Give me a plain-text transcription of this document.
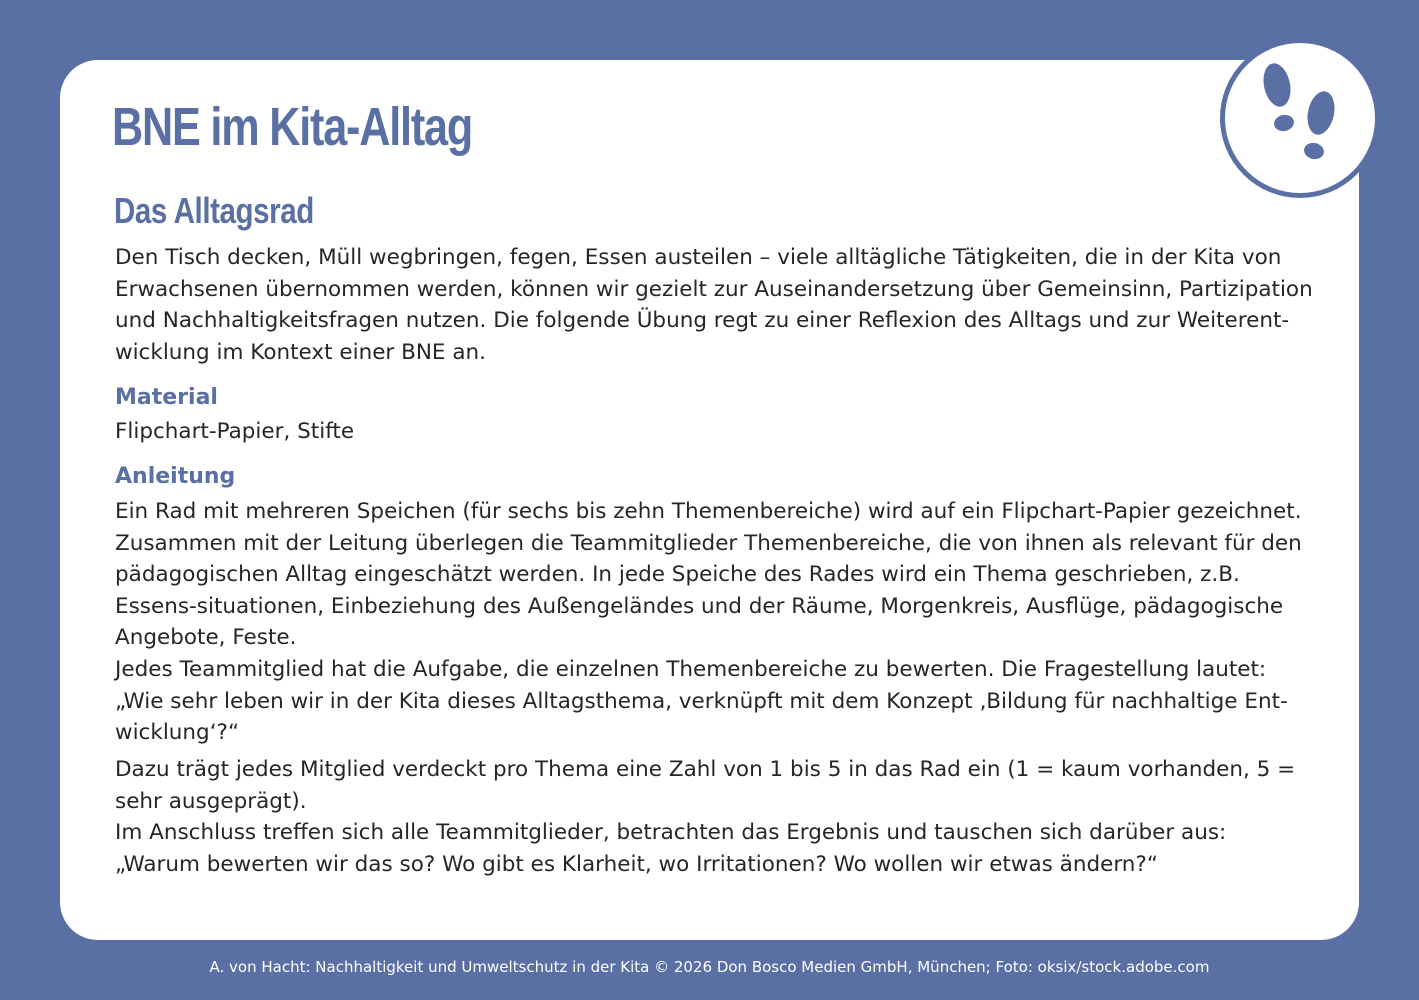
BNE im Kita-Alltag
Das Alltagsrad

Den Tisch decken, Müll wegbringen, fegen, Essen austeilen – viele alltägliche Tätigkeiten, die in der Kita von Erwachsenen übernommen werden, können wir gezielt zur Auseinandersetzung über Gemeinsinn, Partizipation und Nachhaltigkeitsfragen nutzen. Die folgende Übung regt zu einer Reflexion des Alltags und zur Weiterent-wicklung im Kontext einer BNE an.

Material

Flipchart-Papier, Stifte

Anleitung

Ein Rad mit mehreren Speichen (für sechs bis zehn Themenbereiche) wird auf ein Flipchart-Papier gezeichnet. Zusammen mit der Leitung überlegen die Teammitglieder Themenbereiche, die von ihnen als relevant für den pädagogischen Alltag eingeschätzt werden. In jede Speiche des Rades wird ein Thema geschrieben, z.B. Essens-situationen, Einbeziehung des Außengeländes und der Räume, Morgenkreis, Ausflüge, pädagogische Angebote, Feste.

Jedes Teammitglied hat die Aufgabe, die einzelnen Themenbereiche zu bewerten. Die Fragestellung lautet: „Wie sehr leben wir in der Kita dieses Alltagsthema, verknüpft mit dem Konzept ‚Bildung für nachhaltige Ent-wicklung‘?“

Dazu trägt jedes Mitglied verdeckt pro Thema eine Zahl von 1 bis 5 in das Rad ein (1 = kaum vorhanden, 5 = sehr ausgeprägt).

Im Anschluss treffen sich alle Teammitglieder, betrachten das Ergebnis und tauschen sich darüber aus: „Warum bewerten wir das so? Wo gibt es Klarheit, wo Irritationen? Wo wollen wir etwas ändern?“

A. von Hacht: Nachhaltigkeit und Umweltschutz in der Kita © 2026 Don Bosco Medien GmbH, München; Foto: oksix/stock.adobe.com
